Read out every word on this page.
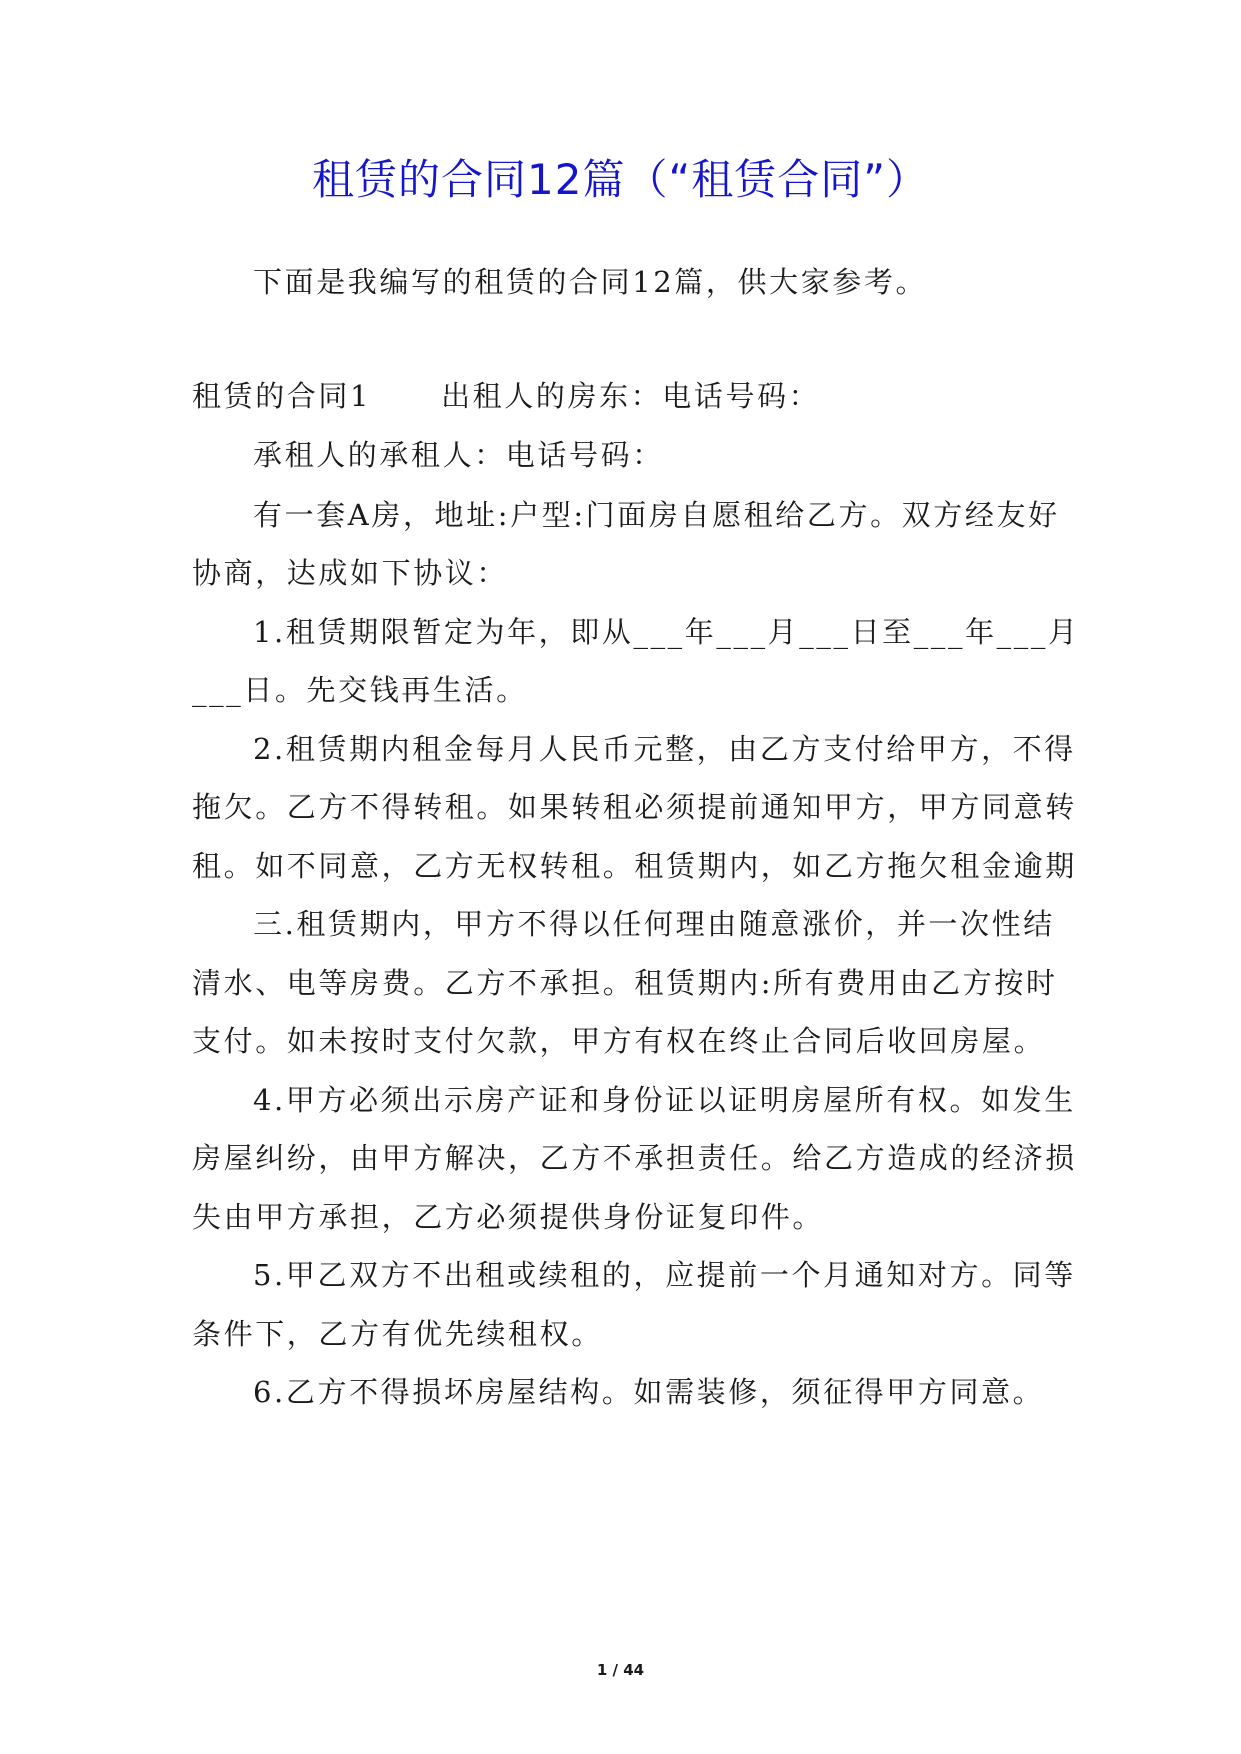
租赁的合同12篇（“租赁合同”）
下面是我编写的租赁的合同12篇，供大家参考。
租赁的合同1 出租人的房东：电话号码：
承租人的承租人：电话号码：
有一套A房，地址:户型:门面房自愿租给乙方。双方经友好
协商，达成如下协议：
1.租赁期限暂定为年，即从___年___月___日至___年___月
___日。先交钱再生活。
2.租赁期内租金每月人民币元整，由乙方支付给甲方，不得
拖欠。乙方不得转租。如果转租必须提前通知甲方，甲方同意转
租。如不同意，乙方无权转租。租赁期内，如乙方拖欠租金逾期
三.租赁期内，甲方不得以任何理由随意涨价，并一次性结
清水、电等房费。乙方不承担。租赁期内:所有费用由乙方按时
支付。如未按时支付欠款，甲方有权在终止合同后收回房屋。
4.甲方必须出示房产证和身份证以证明房屋所有权。如发生
房屋纠纷，由甲方解决，乙方不承担责任。给乙方造成的经济损
失由甲方承担，乙方必须提供身份证复印件。
5.甲乙双方不出租或续租的，应提前一个月通知对方。同等
条件下，乙方有优先续租权。
6.乙方不得损坏房屋结构。如需装修，须征得甲方同意。
1 / 44
